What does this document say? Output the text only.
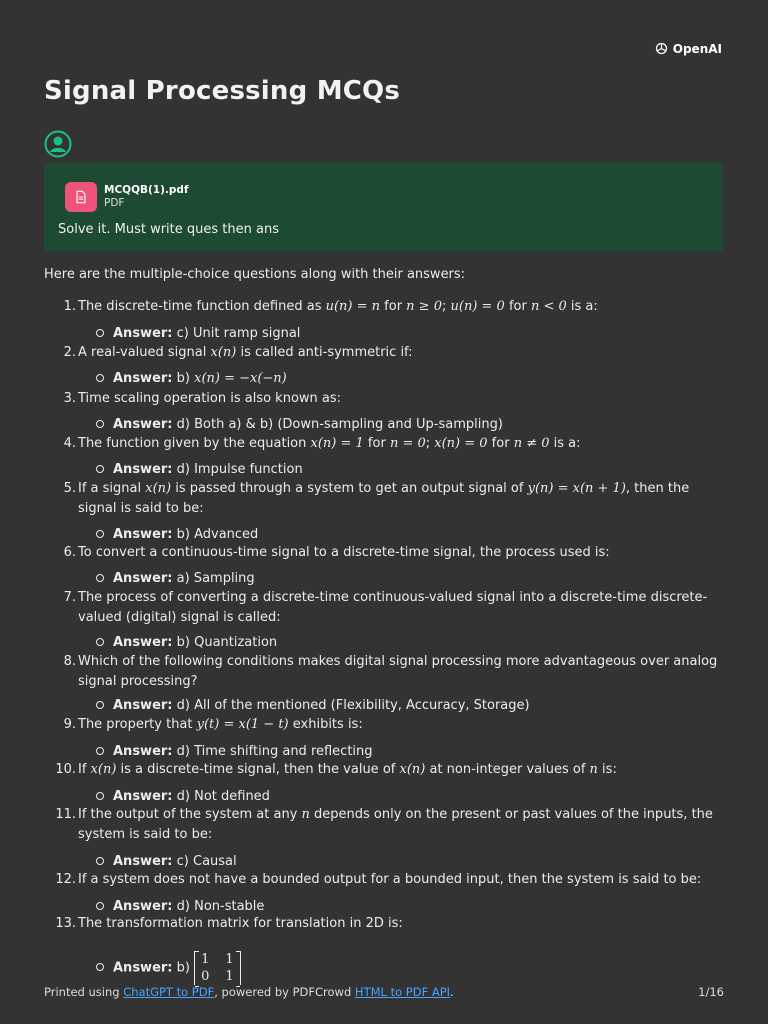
OpenAI
Signal Processing MCQs
MCQQB(1).pdf
PDF
Solve it. Must write ques then ans
Here are the multiple-choice questions along with their answers:
1. The discrete-time function defined as u(n) = n for n ≥ 0; u(n) = 0 for n < 0 is a:
Answer: c) Unit ramp signal
2. A real-valued signal x(n) is called anti-symmetric if:
Answer: b) x(n) = −x(−n)
3. Time scaling operation is also known as:
Answer: d) Both a) & b) (Down-sampling and Up-sampling)
4. The function given by the equation x(n) = 1 for n = 0; x(n) = 0 for n ≠ 0 is a:
Answer: d) Impulse function
5. If a signal x(n) is passed through a system to get an output signal of y(n) = x(n + 1), then the
signal is said to be:
Answer: b) Advanced
6. To convert a continuous-time signal to a discrete-time signal, the process used is:
Answer: a) Sampling
7. The process of converting a discrete-time continuous-valued signal into a discrete-time discrete-
valued (digital) signal is called:
Answer: b) Quantization
8. Which of the following conditions makes digital signal processing more advantageous over analog
signal processing?
Answer: d) All of the mentioned (Flexibility, Accuracy, Storage)
9. The property that y(t) = x(1 − t) exhibits is:
Answer: d) Time shifting and reflecting
10. If x(n) is a discrete-time signal, then the value of x(n) at non-integer values of n is:
Answer: d) Not defined
11. If the output of the system at any n depends only on the present or past values of the inputs, the
system is said to be:
Answer: c) Causal
12. If a system does not have a bounded output for a bounded input, then the system is said to be:
Answer: d) Non-stable
13. The transformation matrix for translation in 2D is:
Answer: b)
1 1
0 1
Printed using ChatGPT to PDF, powered by PDFCrowd HTML to PDF API.	1/16
